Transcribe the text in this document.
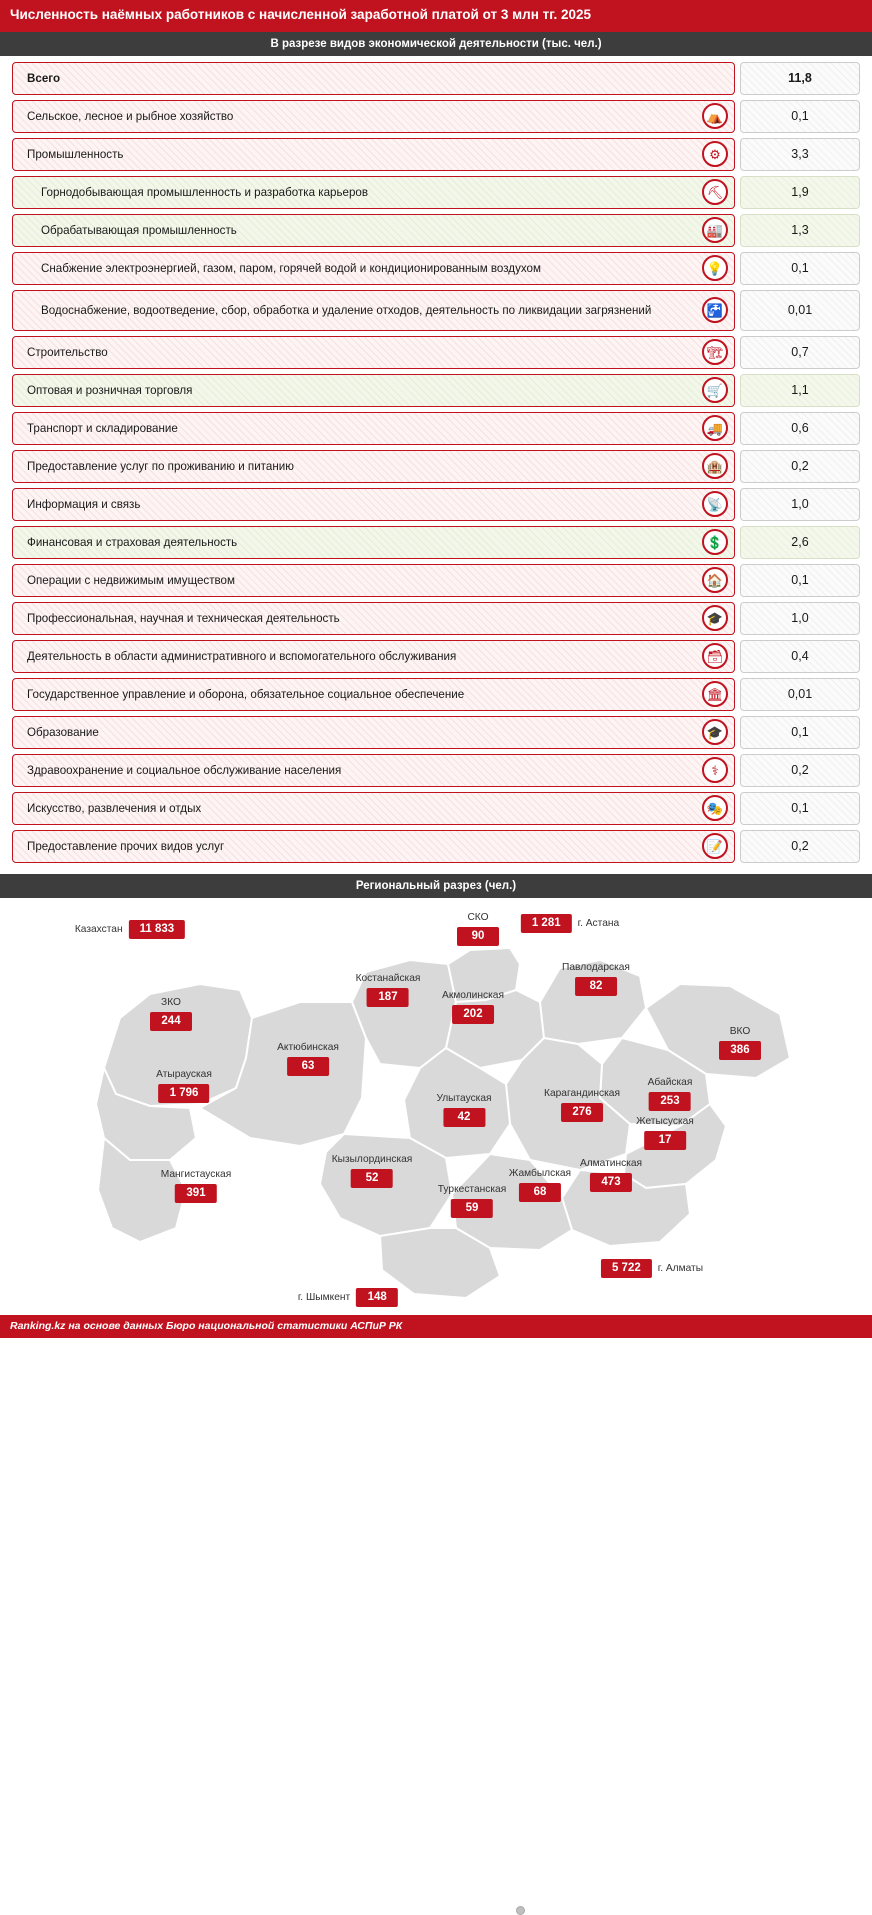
Численность наёмных работников с начисленной заработной платой от 3 млн тг. 2025
В разрезе видов экономической деятельности (тыс. чел.)
Всего	11,8
Сельское, лесное и рыбное хозяйство	⛺	0,1
Промышленность	⚙	3,3
Горнодобывающая промышленность и разработка карьеров	⛏	1,9
Обрабатывающая промышленность	🏭	1,3
Снабжение электроэнергией, газом, паром, горячей водой и кондиционированным воздухом	💡	0,1
Водоснабжение, водоотведение, сбор, обработка и удаление отходов, деятельность по ликвидации загрязнений	🚰	0,01
Строительство	🏗	0,7
Оптовая и розничная торговля	🛒	1,1
Транспорт и складирование	🚚	0,6
Предоставление услуг по проживанию и питанию	🏨	0,2
Информация и связь	📡	1,0
Финансовая и страховая деятельность	💲	2,6
Операции с недвижимым имуществом	🏠	0,1
Профессиональная, научная и техническая деятельность	🎓	1,0
Деятельность в области административного и вспомогательного обслуживания	🗃	0,4
Государственное управление и оборона, обязательное социальное обеспечение	🏛	0,01
Образование	🎓	0,1
Здравоохранение и социальное обслуживание населения	⚕	0,2
Искусство, развлечения и отдых	🎭	0,1
Предоставление прочих видов услуг	📝	0,2
Региональный разрез (чел.)
Казахстан 11 833
СКО
90
1 281 г. Астана
Костанайская
187	Акмолинская
202
Павлодарская
82
ЗКО
244
Актюбинская
63
ВКО
386
Абайская
253
Атырауская
1 796	Карагандинская
276
Улытауская
42	Жетысуская
17
Мангистауская
391
Кызылординская
52	Жамбылская
68
Алматинская
473
Туркестанская
59
5 722 г. Алматы
г. Шымкент 148
Ranking.kz на основе данных Бюро национальной статистики АСПиР РК
